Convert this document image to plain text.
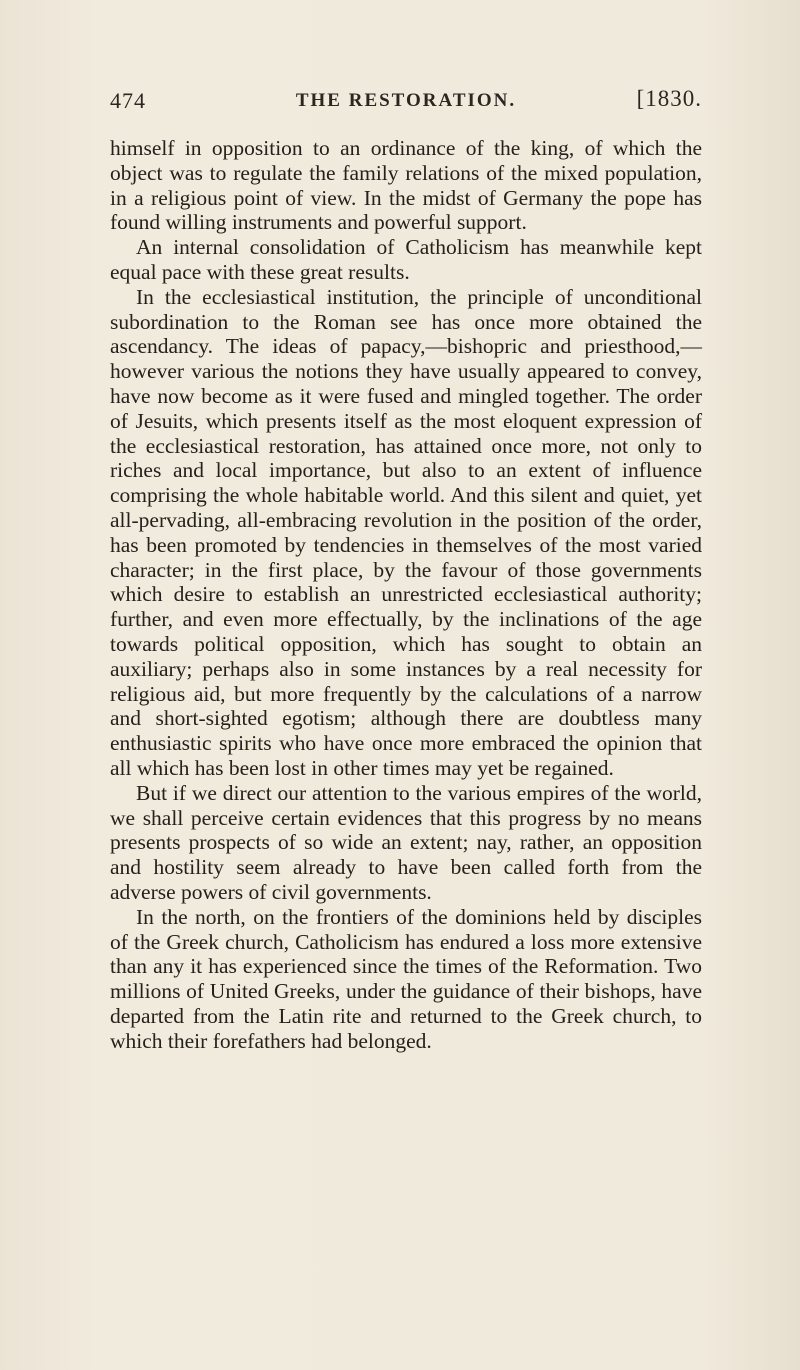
474	THE RESTORATION.	[1830.

himself in opposition to an ordinance of the king, of which the object was to regulate the family relations of the mixed population, in a religious point of view. In the midst of Germany the pope has found willing instruments and powerful support.

An internal consolidation of Catholicism has meanwhile kept equal pace with these great results.

In the ecclesiastical institution, the principle of unconditional subordination to the Roman see has once more obtained the ascendancy. The ideas of papacy,—bishopric and priesthood,—however various the notions they have usually appeared to convey, have now become as it were fused and mingled together. The order of Jesuits, which presents itself as the most eloquent expression of the ecclesiastical restoration, has attained once more, not only to riches and local importance, but also to an extent of influence comprising the whole habitable world. And this silent and quiet, yet all-pervading, all-embracing revolution in the position of the order, has been promoted by tendencies in themselves of the most varied character; in the first place, by the favour of those governments which desire to establish an unrestricted ecclesiastical authority; further, and even more effectually, by the inclinations of the age towards political opposition, which has sought to obtain an auxiliary; perhaps also in some instances by a real necessity for religious aid, but more frequently by the calculations of a narrow and short-sighted egotism; although there are doubtless many enthusiastic spirits who have once more embraced the opinion that all which has been lost in other times may yet be regained.

But if we direct our attention to the various empires of the world, we shall perceive certain evidences that this progress by no means presents prospects of so wide an extent; nay, rather, an opposition and hostility seem already to have been called forth from the adverse powers of civil governments.

In the north, on the frontiers of the dominions held by disciples of the Greek church, Catholicism has endured a loss more extensive than any it has experienced since the times of the Reformation. Two millions of United Greeks, under the guidance of their bishops, have departed from the Latin rite and returned to the Greek church, to which their forefathers had belonged.
